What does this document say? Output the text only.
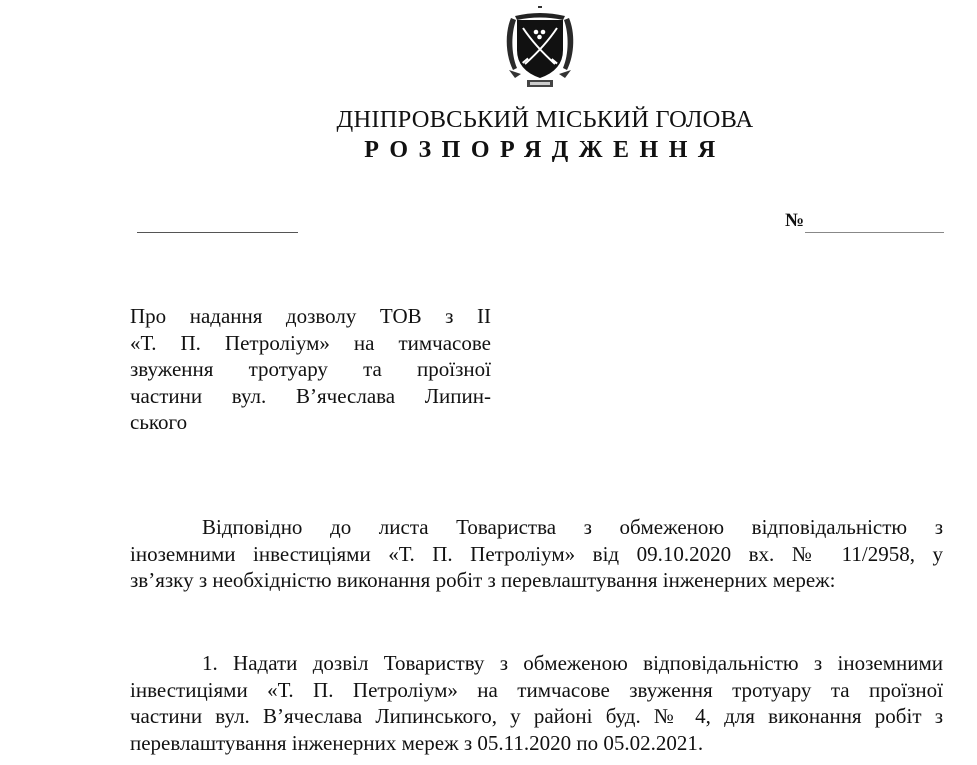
ДНІПРОВСЬКИЙ МІСЬКИЙ ГОЛОВА
РОЗПОРЯДЖЕННЯ
№
Про надання дозволу ТОВ з ІІ
«Т. П. Петроліум» на тимчасове
звуження тротуару та проїзної
частини вул. В’ячеслава Липин-
ського
Відповідно до листа Товариства з обмеженою відповідальністю з
іноземними інвестиціями «Т. П. Петроліум» від 09.10.2020 вх. № 11/2958, у
зв’язку з необхідністю виконання робіт з перевлаштування інженерних мереж:
1. Надати дозвіл Товариству з обмеженою відповідальністю з іноземними
інвестиціями «Т. П. Петроліум» на тимчасове звуження тротуару та проїзної
частини вул. В’ячеслава Липинського, у районі буд. № 4, для виконання робіт з
перевлаштування інженерних мереж з 05.11.2020 по 05.02.2021.
